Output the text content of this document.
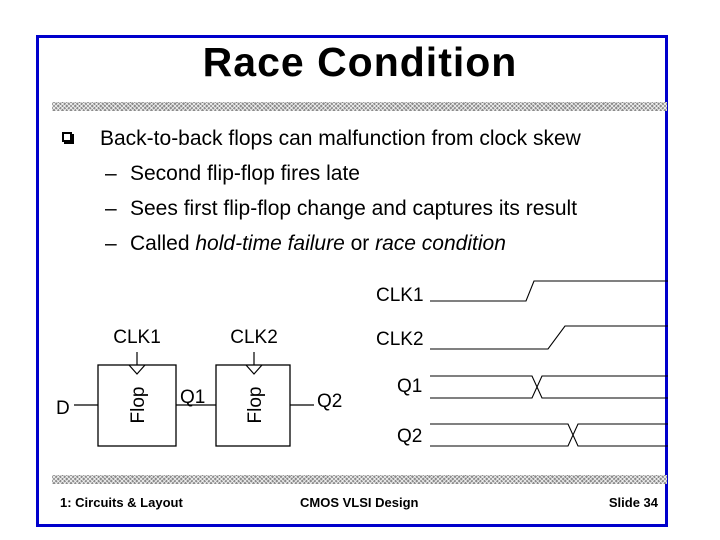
Race Condition
Back-to-back flops can malfunction from clock skew
– Second flip-flop fires late
– Sees first flip-flop change and captures its result
– Called hold-time failure or race condition
CLK1	CLK2
D
Q1	Q2
Flop	Flop
CLK1
CLK2
Q1
Q2
1: Circuits & Layout	CMOS VLSI Design	Slide 34
